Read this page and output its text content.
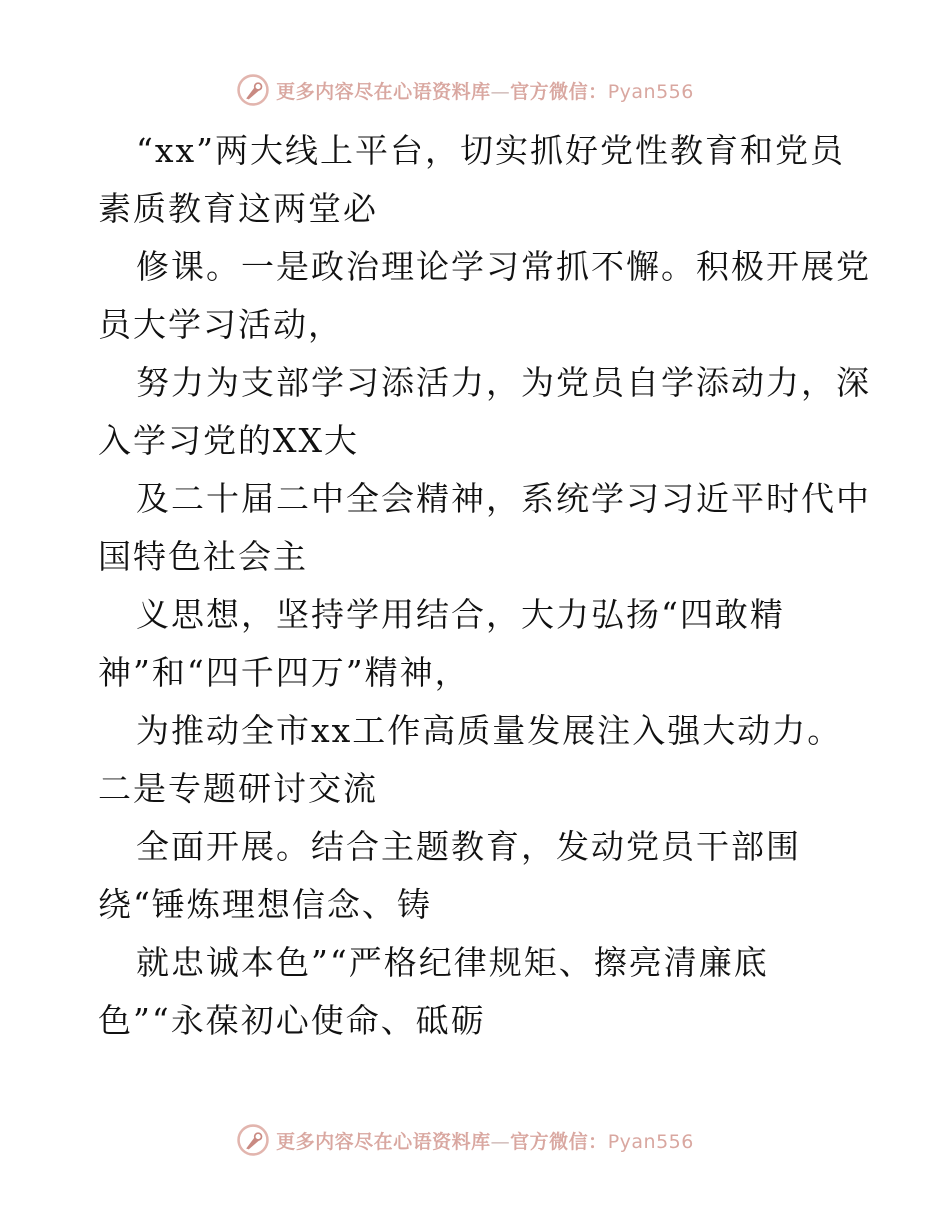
更多内容尽在心语资料库—官方微信：Pyan556
“xx”两大线上平台，切实抓好党性教育和党员
素质教育这两堂必
修课。一是政治理论学习常抓不懈。积极开展党
员大学习活动，
努力为支部学习添活力，为党员自学添动力，深
入学习党的XX大
及二十届二中全会精神，系统学习习近平时代中
国特色社会主
义思想，坚持学用结合，大力弘扬“四敢精
神”和“四千四万”精神，
为推动全市xx工作高质量发展注入强大动力。
二是专题研讨交流
全面开展。结合主题教育，发动党员干部围
绕“锤炼理想信念、铸
就忠诚本色”“严格纪律规矩、擦亮清廉底
色”“永葆初心使命、砥砺
更多内容尽在心语资料库—官方微信：Pyan556
